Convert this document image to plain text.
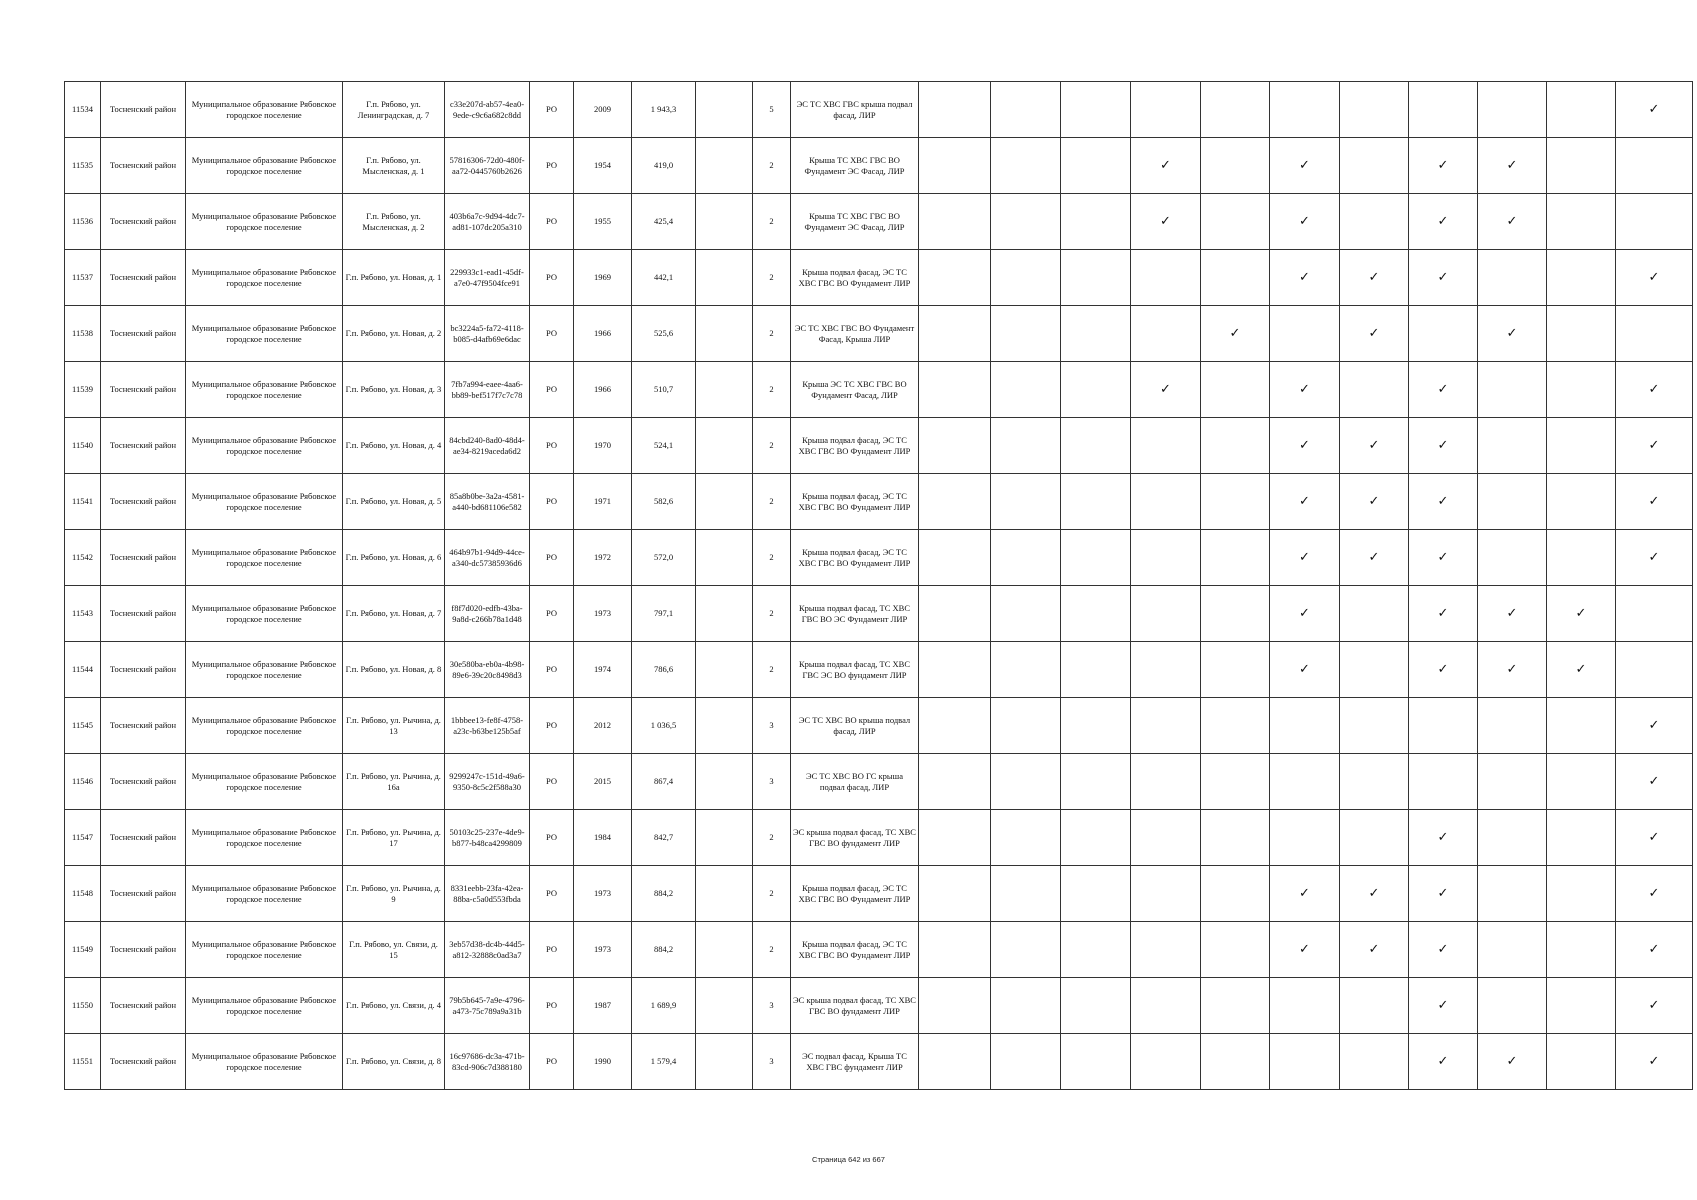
11534	Тосненский район	Муниципальное образование Рябовское городское поселение	Г.п. Рябово, ул. Ленинградская, д. 7	c33e207d-ab57-4ea0-9ede-c9c6a682c8dd	РО	2009	1 943,3		5	ЭС ТС ХВС ГВС крыша подвал фасад, ЛИР											✓
11535	Тосненский район	Муниципальное образование Рябовское городское поселение	Г.п. Рябово, ул. Мысленская, д. 1	57816306-72d0-480f-aa72-0445760b2626	РО	1954	419,0		2	Крыша ТС ХВС ГВС ВО Фундамент ЭС Фасад, ЛИР				✓		✓		✓	✓		
11536	Тосненский район	Муниципальное образование Рябовское городское поселение	Г.п. Рябово, ул. Мысленская, д. 2	403b6a7c-9d94-4dc7-ad81-107dc205a310	РО	1955	425,4		2	Крыша ТС ХВС ГВС ВО Фундамент ЭС Фасад, ЛИР				✓		✓		✓	✓		
11537	Тосненский район	Муниципальное образование Рябовское городское поселение	Г.п. Рябово, ул. Новая, д. 1	229933c1-ead1-45df-a7e0-47f9504fce91	РО	1969	442,1		2	Крыша подвал фасад, ЭС ТС ХВС ГВС ВО Фундамент ЛИР						✓	✓	✓			✓
11538	Тосненский район	Муниципальное образование Рябовское городское поселение	Г.п. Рябово, ул. Новая, д. 2	bc3224a5-fa72-4118-b085-d4afb69e6dac	РО	1966	525,6		2	ЭС ТС ХВС ГВС ВО Фундамент Фасад, Крыша ЛИР					✓		✓		✓		
11539	Тосненский район	Муниципальное образование Рябовское городское поселение	Г.п. Рябово, ул. Новая, д. 3	7fb7a994-eaee-4aa6-bb89-bef517f7c7c78	РО	1966	510,7		2	Крыша ЭС ТС ХВС ГВС ВО Фундамент Фасад, ЛИР				✓		✓		✓			✓
11540	Тосненский район	Муниципальное образование Рябовское городское поселение	Г.п. Рябово, ул. Новая, д. 4	84cbd240-8ad0-48d4-ae34-8219aceda6d2	РО	1970	524,1		2	Крыша подвал фасад, ЭС ТС ХВС ГВС ВО Фундамент ЛИР						✓	✓	✓			✓
11541	Тосненский район	Муниципальное образование Рябовское городское поселение	Г.п. Рябово, ул. Новая, д. 5	85a8b0be-3a2a-4581-a440-bd681106e582	РО	1971	582,6		2	Крыша подвал фасад, ЭС ТС ХВС ГВС ВО Фундамент ЛИР						✓	✓	✓			✓
11542	Тосненский район	Муниципальное образование Рябовское городское поселение	Г.п. Рябово, ул. Новая, д. 6	464b97b1-94d9-44ce-a340-dc57385936d6	РО	1972	572,0		2	Крыша подвал фасад, ЭС ТС ХВС ГВС ВО Фундамент ЛИР						✓	✓	✓			✓
11543	Тосненский район	Муниципальное образование Рябовское городское поселение	Г.п. Рябово, ул. Новая, д. 7	f8f7d020-edfb-43ba-9a8d-c266b78a1d48	РО	1973	797,1		2	Крыша подвал фасад, ТС ХВС ГВС ВО ЭС Фундамент ЛИР						✓		✓	✓	✓	
11544	Тосненский район	Муниципальное образование Рябовское городское поселение	Г.п. Рябово, ул. Новая, д. 8	30e580ba-eb0a-4b98-89e6-39c20c8498d3	РО	1974	786,6		2	Крыша подвал фасад, ТС ХВС ГВС ЭС ВО фундамент ЛИР						✓		✓	✓	✓	
11545	Тосненский район	Муниципальное образование Рябовское городское поселение	Г.п. Рябово, ул. Рычина, д. 13	1bbbee13-fe8f-4758-a23c-b63be125b5af	РО	2012	1 036,5		3	ЭС ТС ХВС ВО крыша подвал фасад, ЛИР											✓
11546	Тосненский район	Муниципальное образование Рябовское городское поселение	Г.п. Рябово, ул. Рычина, д. 16а	9299247c-151d-49a6-9350-8c5c2f588a30	РО	2015	867,4		3	ЭС ТС ХВС ВО ГС крыша подвал фасад, ЛИР											✓
11547	Тосненский район	Муниципальное образование Рябовское городское поселение	Г.п. Рябово, ул. Рычина, д. 17	50103c25-237e-4de9-b877-b48ca4299809	РО	1984	842,7		2	ЭС крыша подвал фасад, ТС ХВС ГВС ВО фундамент ЛИР								✓			✓
11548	Тосненский район	Муниципальное образование Рябовское городское поселение	Г.п. Рябово, ул. Рычина, д. 9	8331eebb-23fa-42ea-88ba-c5a0d553fbda	РО	1973	884,2		2	Крыша подвал фасад, ЭС ТС ХВС ГВС ВО Фундамент ЛИР						✓	✓	✓			✓
11549	Тосненский район	Муниципальное образование Рябовское городское поселение	Г.п. Рябово, ул. Связи, д. 15	3eb57d38-dc4b-44d5-a812-32888c0ad3a7	РО	1973	884,2		2	Крыша подвал фасад, ЭС ТС ХВС ГВС ВО Фундамент ЛИР						✓	✓	✓			✓
11550	Тосненский район	Муниципальное образование Рябовское городское поселение	Г.п. Рябово, ул. Связи, д. 4	79b5b645-7a9e-4796-a473-75c789a9a31b	РО	1987	1 689,9		3	ЭС крыша подвал фасад, ТС ХВС ГВС ВО фундамент ЛИР								✓			✓
11551	Тосненский район	Муниципальное образование Рябовское городское поселение	Г.п. Рябово, ул. Связи, д. 8	16c97686-dc3a-471b-83cd-906c7d388180	РО	1990	1 579,4		3	ЭС подвал фасад, Крыша ТС ХВС ГВС фундамент ЛИР								✓	✓		✓
Страница 642 из 667
